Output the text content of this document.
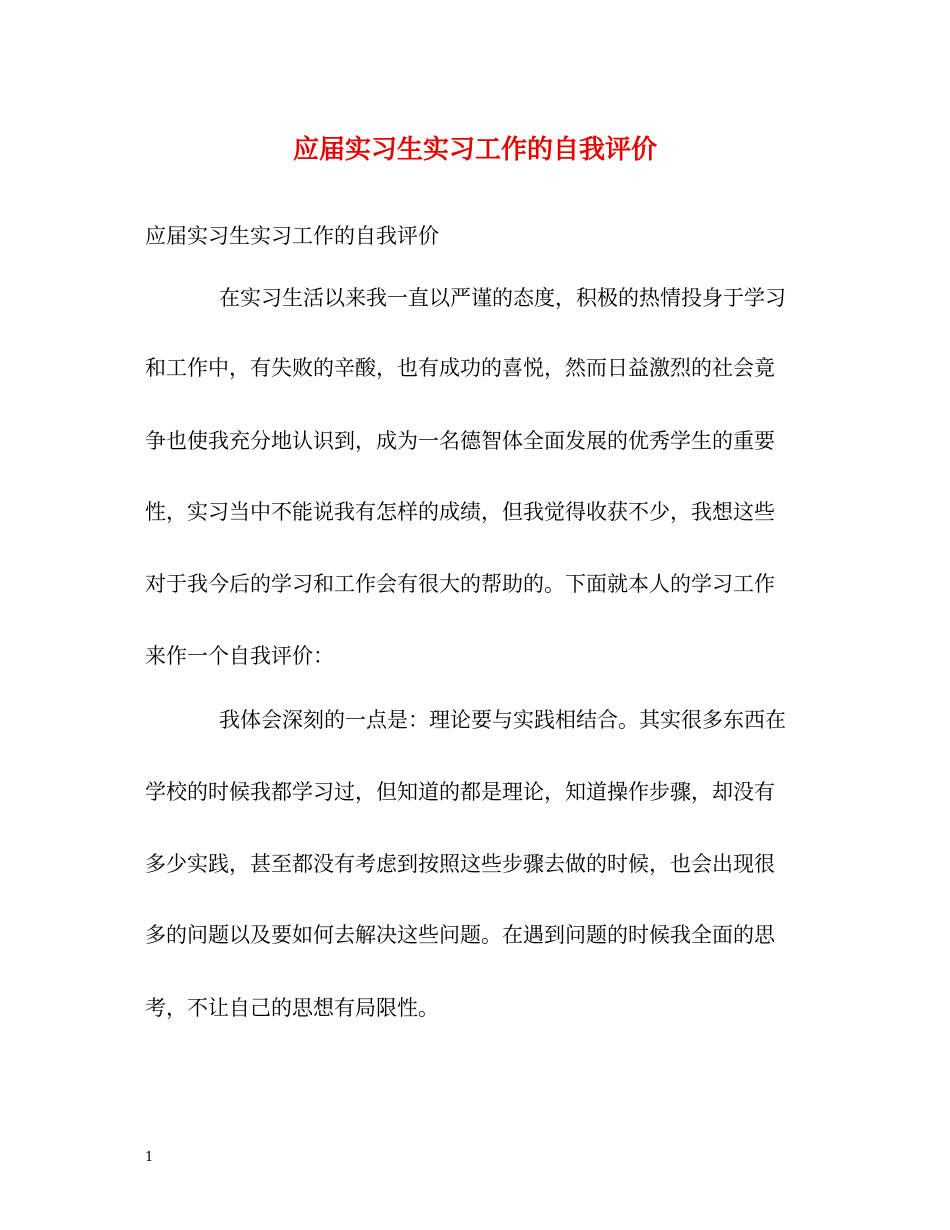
应届实习生实习工作的自我评价
应届实习生实习工作的自我评价
在实习生活以来我一直以严谨的态度，积极的热情投身于学习
和工作中，有失败的辛酸，也有成功的喜悦，然而日益激烈的社会竟
争也使我充分地认识到，成为一名德智体全面发展的优秀学生的重要
性，实习当中不能说我有怎样的成绩，但我觉得收获不少，我想这些
对于我今后的学习和工作会有很大的帮助的。下面就本人的学习工作
来作一个自我评价：
我体会深刻的一点是：理论要与实践相结合。其实很多东西在
学校的时候我都学习过，但知道的都是理论，知道操作步骤，却没有
多少实践，甚至都没有考虑到按照这些步骤去做的时候，也会出现很
多的问题以及要如何去解决这些问题。在遇到问题的时候我全面的思
考，不让自己的思想有局限性。
1
